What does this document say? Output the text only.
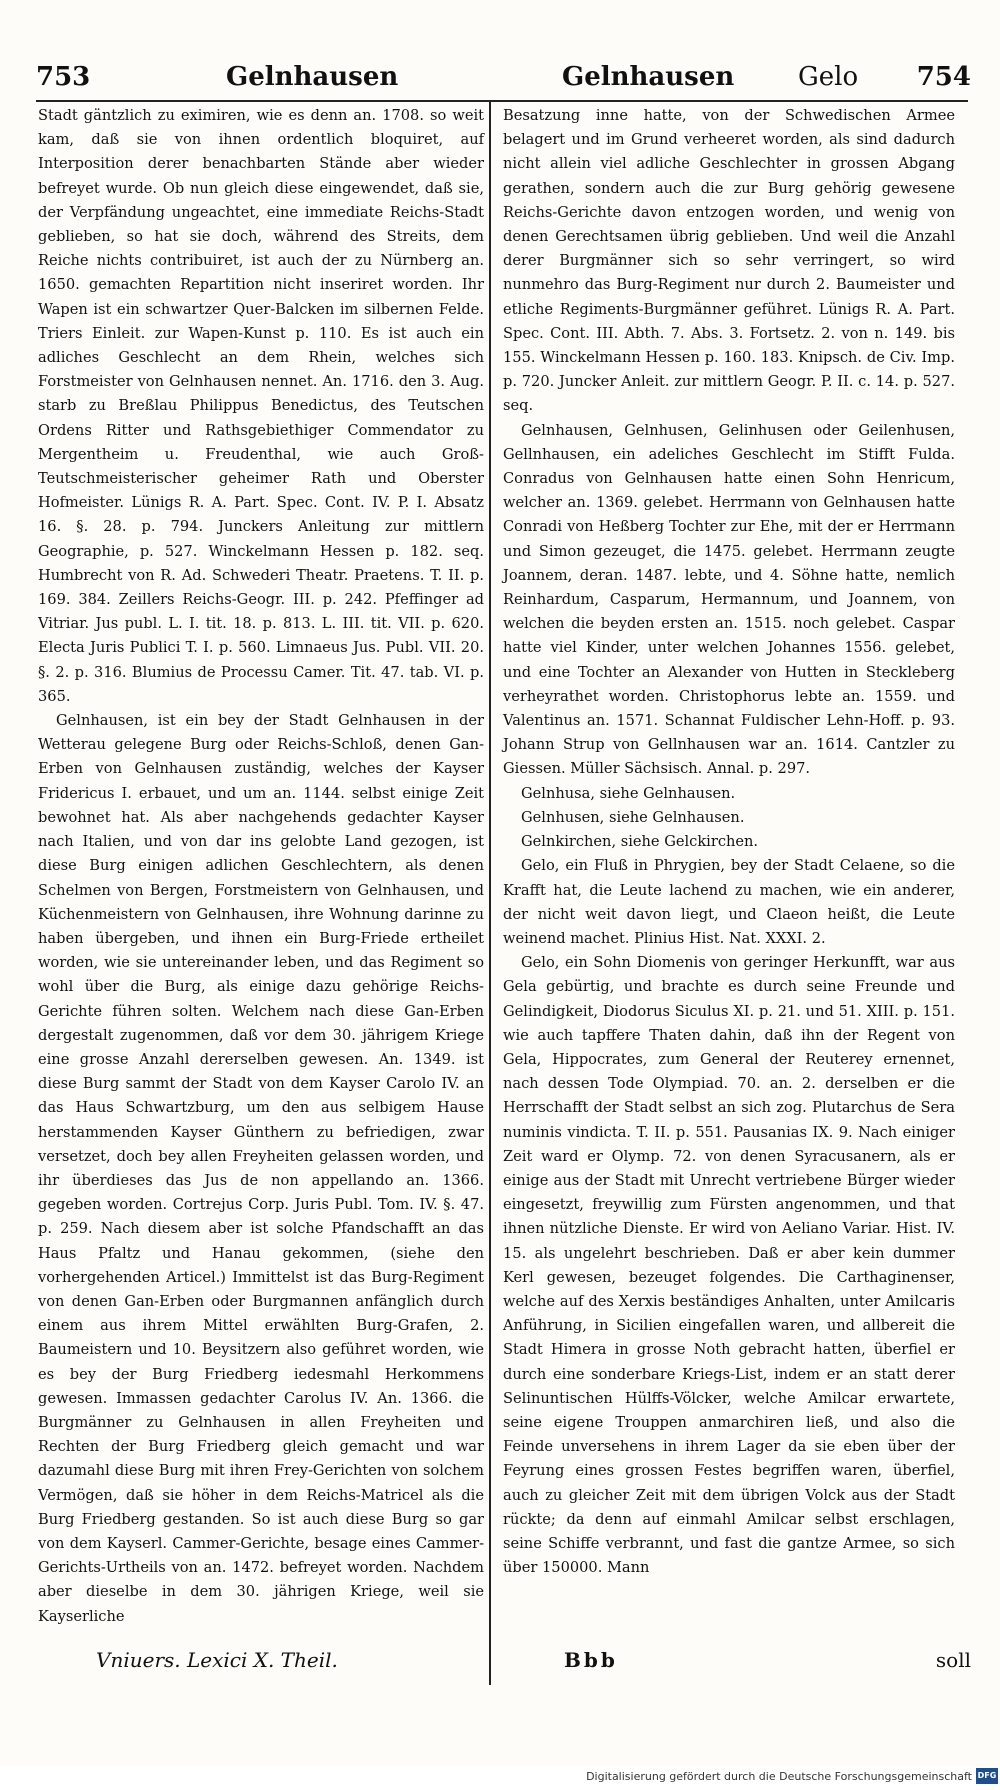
753	Gelnhausen	Gelnhausen Gelo 754

Stadt gäntzlich zu eximiren, wie es denn an. 1708. so weit kam, daß sie von ihnen ordentlich bloquiret, auf Interposition derer benachbarten Stände aber wieder befreyet wurde. Ob nun gleich diese eingewendet, daß sie, der Verpfändung ungeachtet, eine immediate Reichs-Stadt geblieben, so hat sie doch, während des Streits, dem Reiche nichts contribuiret, ist auch der zu Nürnberg an. 1650. gemachten Repartition nicht inseriret worden. Ihr Wapen ist ein schwartzer Quer-Balcken im silbernen Felde. Triers Einleit. zur Wapen-Kunst p. 110. Es ist auch ein adliches Geschlecht an dem Rhein, welches sich Forstmeister von Gelnhausen nennet. An. 1716. den 3. Aug. starb zu Breßlau Philippus Benedictus, des Teutschen Ordens Ritter und Rathsgebiethiger Commendator zu Mergentheim u. Freudenthal, wie auch Groß-Teutschmeisterischer geheimer Rath und Oberster Hofmeister. Lünigs R. A. Part. Spec. Cont. IV. P. I. Absatz 16. §. 28. p. 794. Junckers Anleitung zur mittlern Geographie, p. 527. Winckelmann Hessen p. 182. seq. Humbrecht von R. Ad. Schwederi Theatr. Praetens. T. II. p. 169. 384. Zeillers Reichs-Geogr. III. p. 242. Pfeffinger ad Vitriar. Jus publ. L. I. tit. 18. p. 813. L. III. tit. VII. p. 620. Electa Juris Publici T. I. p. 560. Limnaeus Jus. Publ. VII. 20. §. 2. p. 316. Blumius de Processu Camer. Tit. 47. tab. VI. p. 365.

Gelnhausen, ist ein bey der Stadt Gelnhausen in der Wetterau gelegene Burg oder Reichs-Schloß, denen Gan-Erben von Gelnhausen zuständig, welches der Kayser Fridericus I. erbauet, und um an. 1144. selbst einige Zeit bewohnet hat. Als aber nachgehends gedachter Kayser nach Italien, und von dar ins gelobte Land gezogen, ist diese Burg einigen adlichen Geschlechtern, als denen Schelmen von Bergen, Forstmeistern von Gelnhausen, und Küchenmeistern von Gelnhausen, ihre Wohnung darinne zu haben übergeben, und ihnen ein Burg-Friede ertheilet worden, wie sie untereinander leben, und das Regiment so wohl über die Burg, als einige dazu gehörige Reichs-Gerichte führen solten. Welchem nach diese Gan-Erben dergestalt zugenommen, daß vor dem 30. jährigem Kriege eine grosse Anzahl dererselben gewesen. An. 1349. ist diese Burg sammt der Stadt von dem Kayser Carolo IV. an das Haus Schwartzburg, um den aus selbigem Hause herstammenden Kayser Günthern zu befriedigen, zwar versetzet, doch bey allen Freyheiten gelassen worden, und ihr überdieses das Jus de non appellando an. 1366. gegeben worden. Cortrejus Corp. Juris Publ. Tom. IV. §. 47. p. 259. Nach diesem aber ist solche Pfandschafft an das Haus Pfaltz und Hanau gekommen, (siehe den vorhergehenden Articel.) Immittelst ist das Burg-Regiment von denen Gan-Erben oder Burgmannen anfänglich durch einem aus ihrem Mittel erwählten Burg-Grafen, 2. Baumeistern und 10. Beysitzern also geführet worden, wie es bey der Burg Friedberg iedesmahl Herkommens gewesen. Immassen gedachter Carolus IV. An. 1366. die Burgmänner zu Gelnhausen in allen Freyheiten und Rechten der Burg Friedberg gleich gemacht und war dazumahl diese Burg mit ihren Frey-Gerichten von solchem Vermögen, daß sie höher in dem Reichs-Matricel als die Burg Friedberg gestanden. So ist auch diese Burg so gar von dem Kayserl. Cammer-Gerichte, besage eines Cammer-Gerichts-Urtheils von an. 1472. befreyet worden. Nachdem aber dieselbe in dem 30. jährigen Kriege, weil sie Kayserliche

Besatzung inne hatte, von der Schwedischen Armee belagert und im Grund verheeret worden, als sind dadurch nicht allein viel adliche Geschlechter in grossen Abgang gerathen, sondern auch die zur Burg gehörig gewesene Reichs-Gerichte davon entzogen worden, und wenig von denen Gerechtsamen übrig geblieben. Und weil die Anzahl derer Burgmänner sich so sehr verringert, so wird nunmehro das Burg-Regiment nur durch 2. Baumeister und etliche Regiments-Burgmänner geführet. Lünigs R. A. Part. Spec. Cont. III. Abth. 7. Abs. 3. Fortsetz. 2. von n. 149. bis 155. Winckelmann Hessen p. 160. 183. Knipsch. de Civ. Imp. p. 720. Juncker Anleit. zur mittlern Geogr. P. II. c. 14. p. 527. seq.

Gelnhausen, Gelnhusen, Gelinhusen oder Geilenhusen, Gellnhausen, ein adeliches Geschlecht im Stifft Fulda. Conradus von Gelnhausen hatte einen Sohn Henricum, welcher an. 1369. gelebet. Herrmann von Gelnhausen hatte Conradi von Heßberg Tochter zur Ehe, mit der er Herrmann und Simon gezeuget, die 1475. gelebet. Herrmann zeugte Joannem, deran. 1487. lebte, und 4. Söhne hatte, nemlich Reinhardum, Casparum, Hermannum, und Joannem, von welchen die beyden ersten an. 1515. noch gelebet. Caspar hatte viel Kinder, unter welchen Johannes 1556. gelebet, und eine Tochter an Alexander von Hutten in Steckleberg verheyrathet worden. Christophorus lebte an. 1559. und Valentinus an. 1571. Schannat Fuldischer Lehn-Hoff. p. 93. Johann Strup von Gellnhausen war an. 1614. Cantzler zu Giessen. Müller Sächsisch. Annal. p. 297.

Gelnhusa, siehe Gelnhausen.

Gelnhusen, siehe Gelnhausen.

Gelnkirchen, siehe Gelckirchen.

Gelo, ein Fluß in Phrygien, bey der Stadt Celaene, so die Krafft hat, die Leute lachend zu machen, wie ein anderer, der nicht weit davon liegt, und Claeon heißt, die Leute weinend machet. Plinius Hist. Nat. XXXI. 2.

Gelo, ein Sohn Diomenis von geringer Herkunfft, war aus Gela gebürtig, und brachte es durch seine Freunde und Gelindigkeit, Diodorus Siculus XI. p. 21. und 51. XIII. p. 151. wie auch tapffere Thaten dahin, daß ihn der Regent von Gela, Hippocrates, zum General der Reuterey ernennet, nach dessen Tode Olympiad. 70. an. 2. derselben er die Herrschafft der Stadt selbst an sich zog. Plutarchus de Sera numinis vindicta. T. II. p. 551. Pausanias IX. 9. Nach einiger Zeit ward er Olymp. 72. von denen Syracusanern, als er einige aus der Stadt mit Unrecht vertriebene Bürger wieder eingesetzt, freywillig zum Fürsten angenommen, und that ihnen nützliche Dienste. Er wird von Aeliano Variar. Hist. IV. 15. als ungelehrt beschrieben. Daß er aber kein dummer Kerl gewesen, bezeuget folgendes. Die Carthaginenser, welche auf des Xerxis beständiges Anhalten, unter Amilcaris Anführung, in Sicilien eingefallen waren, und allbereit die Stadt Himera in grosse Noth gebracht hatten, überfiel er durch eine sonderbare Kriegs-List, indem er an statt derer Selinuntischen Hülffs-Völcker, welche Amilcar erwartete, seine eigene Trouppen anmarchiren ließ, und also die Feinde unversehens in ihrem Lager da sie eben über der Feyrung eines grossen Festes begriffen waren, überfiel, auch zu gleicher Zeit mit dem übrigen Volck aus der Stadt rückte; da denn auf einmahl Amilcar selbst erschlagen, seine Schiffe verbrannt, und fast die gantze Armee, so sich über 150000. Mann

Vniuers. Lexici X. Theil.	Bbb	soll
Digitalisierung gefördert durch die Deutsche Forschungsgemeinschaft DFG
